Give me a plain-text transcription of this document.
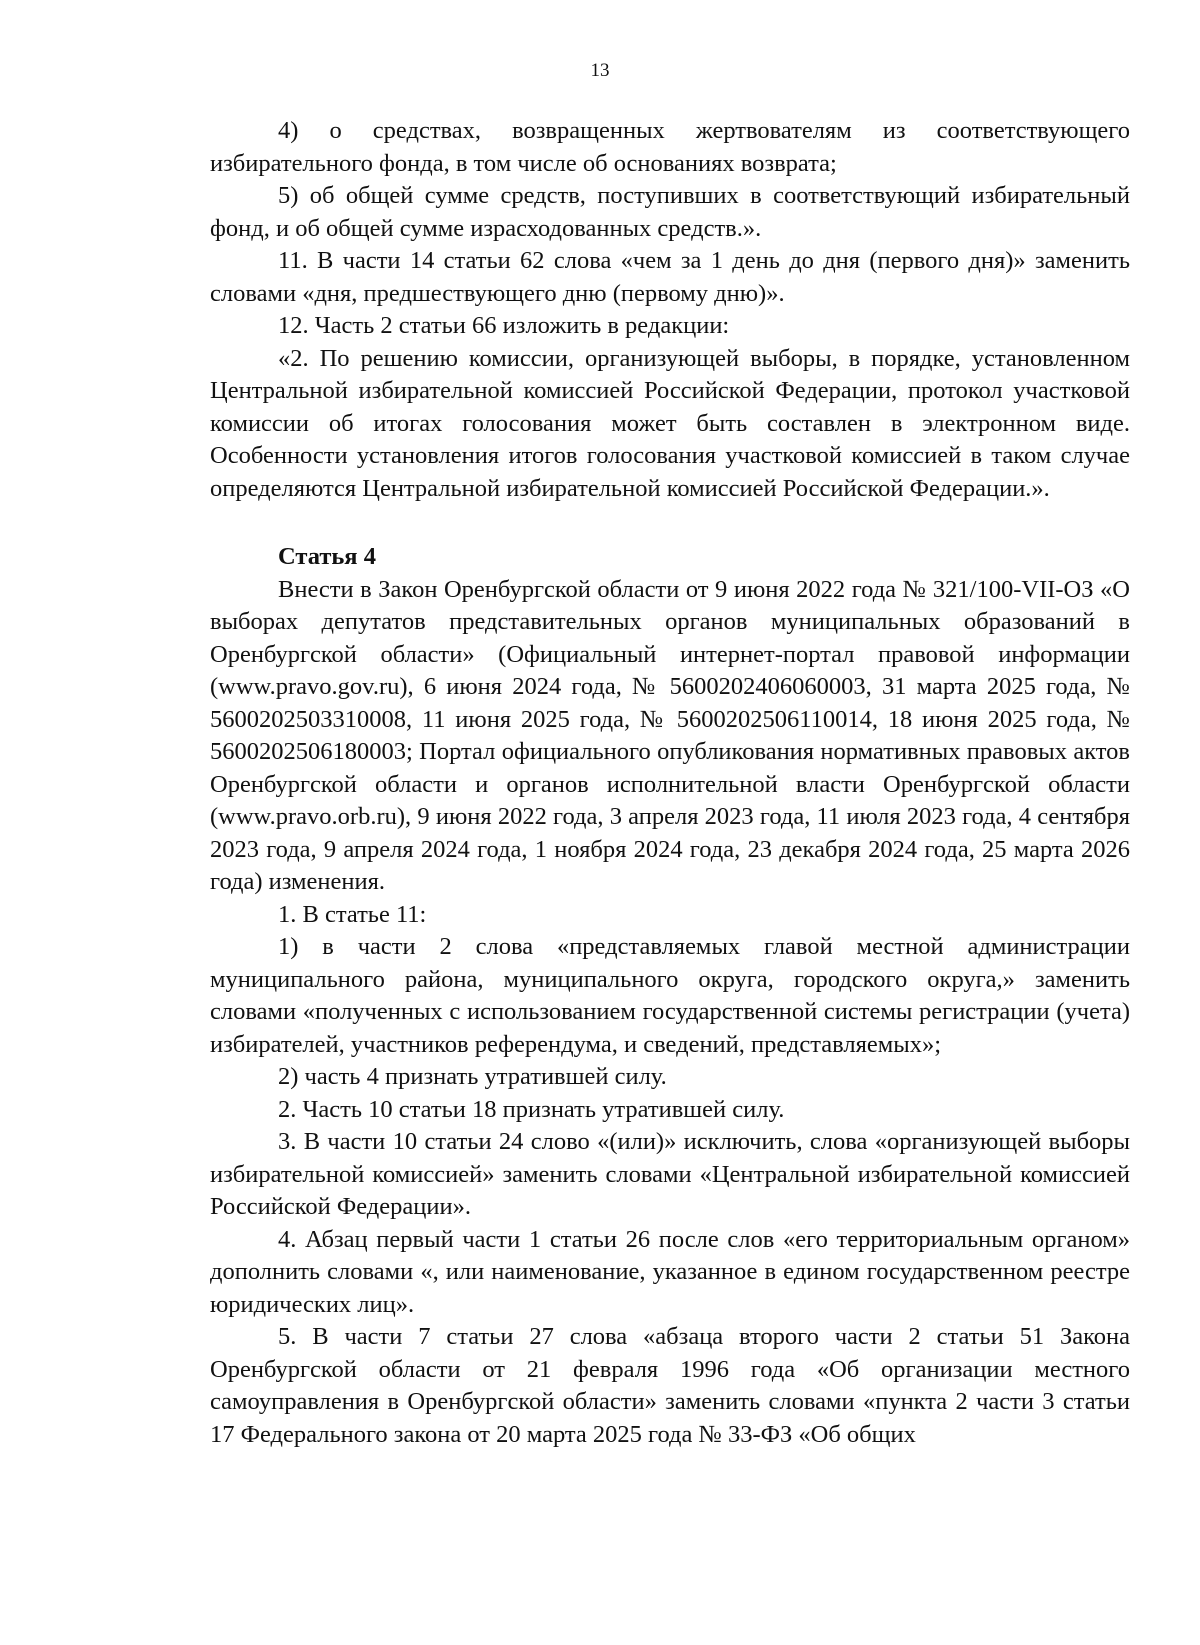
13

4) о средствах, возвращенных жертвователям из соответствующего избирательного фонда, в том числе об основаниях возврата;

5) об общей сумме средств, поступивших в соответствующий избирательный фонд, и об общей сумме израсходованных средств.».

11. В части 14 статьи 62 слова «чем за 1 день до дня (первого дня)» заменить словами «дня, предшествующего дню (первому дню)».

12. Часть 2 статьи 66 изложить в редакции:

«2. По решению комиссии, организующей выборы, в порядке, установленном Центральной избирательной комиссией Российской Федерации, протокол участковой комиссии об итогах голосования может быть составлен в электронном виде. Особенности установления итогов голосования участковой комиссией в таком случае определяются Центральной избирательной комиссией Российской Федерации.».

Статья 4

Внести в Закон Оренбургской области от 9 июня 2022 года № 321/100-VII-ОЗ «О выборах депутатов представительных органов муниципальных образований в Оренбургской области» (Официальный интернет-портал правовой информации (www.pravo.gov.ru), 6 июня 2024 года, № 5600202406060003, 31 марта 2025 года, № 5600202503310008, 11 июня 2025 года, № 5600202506110014, 18 июня 2025 года, № 5600202506180003; Портал официального опубликования нормативных правовых актов Оренбургской области и органов исполнительной власти Оренбургской области (www.pravo.orb.ru), 9 июня 2022 года, 3 апреля 2023 года, 11 июля 2023 года, 4 сентября 2023 года, 9 апреля 2024 года, 1 ноября 2024 года, 23 декабря 2024 года, 25 марта 2026 года) изменения.

1. В статье 11:

1) в части 2 слова «представляемых главой местной администрации муниципального района, муниципального округа, городского округа,» заменить словами «полученных с использованием государственной системы регистрации (учета) избирателей, участников референдума, и сведений, представляемых»;

2) часть 4 признать утратившей силу.

2. Часть 10 статьи 18 признать утратившей силу.

3. В части 10 статьи 24 слово «(или)» исключить, слова «организующей выборы избирательной комиссией» заменить словами «Центральной избирательной комиссией Российской Федерации».

4. Абзац первый части 1 статьи 26 после слов «его территориальным органом» дополнить словами «, или наименование, указанное в едином государственном реестре юридических лиц».

5. В части 7 статьи 27 слова «абзаца второго части 2 статьи 51 Закона Оренбургской области от 21 февраля 1996 года «Об организации местного самоуправления в Оренбургской области» заменить словами «пункта 2 части 3 статьи 17 Федерального закона от 20 марта 2025 года № 33-ФЗ «Об общих
